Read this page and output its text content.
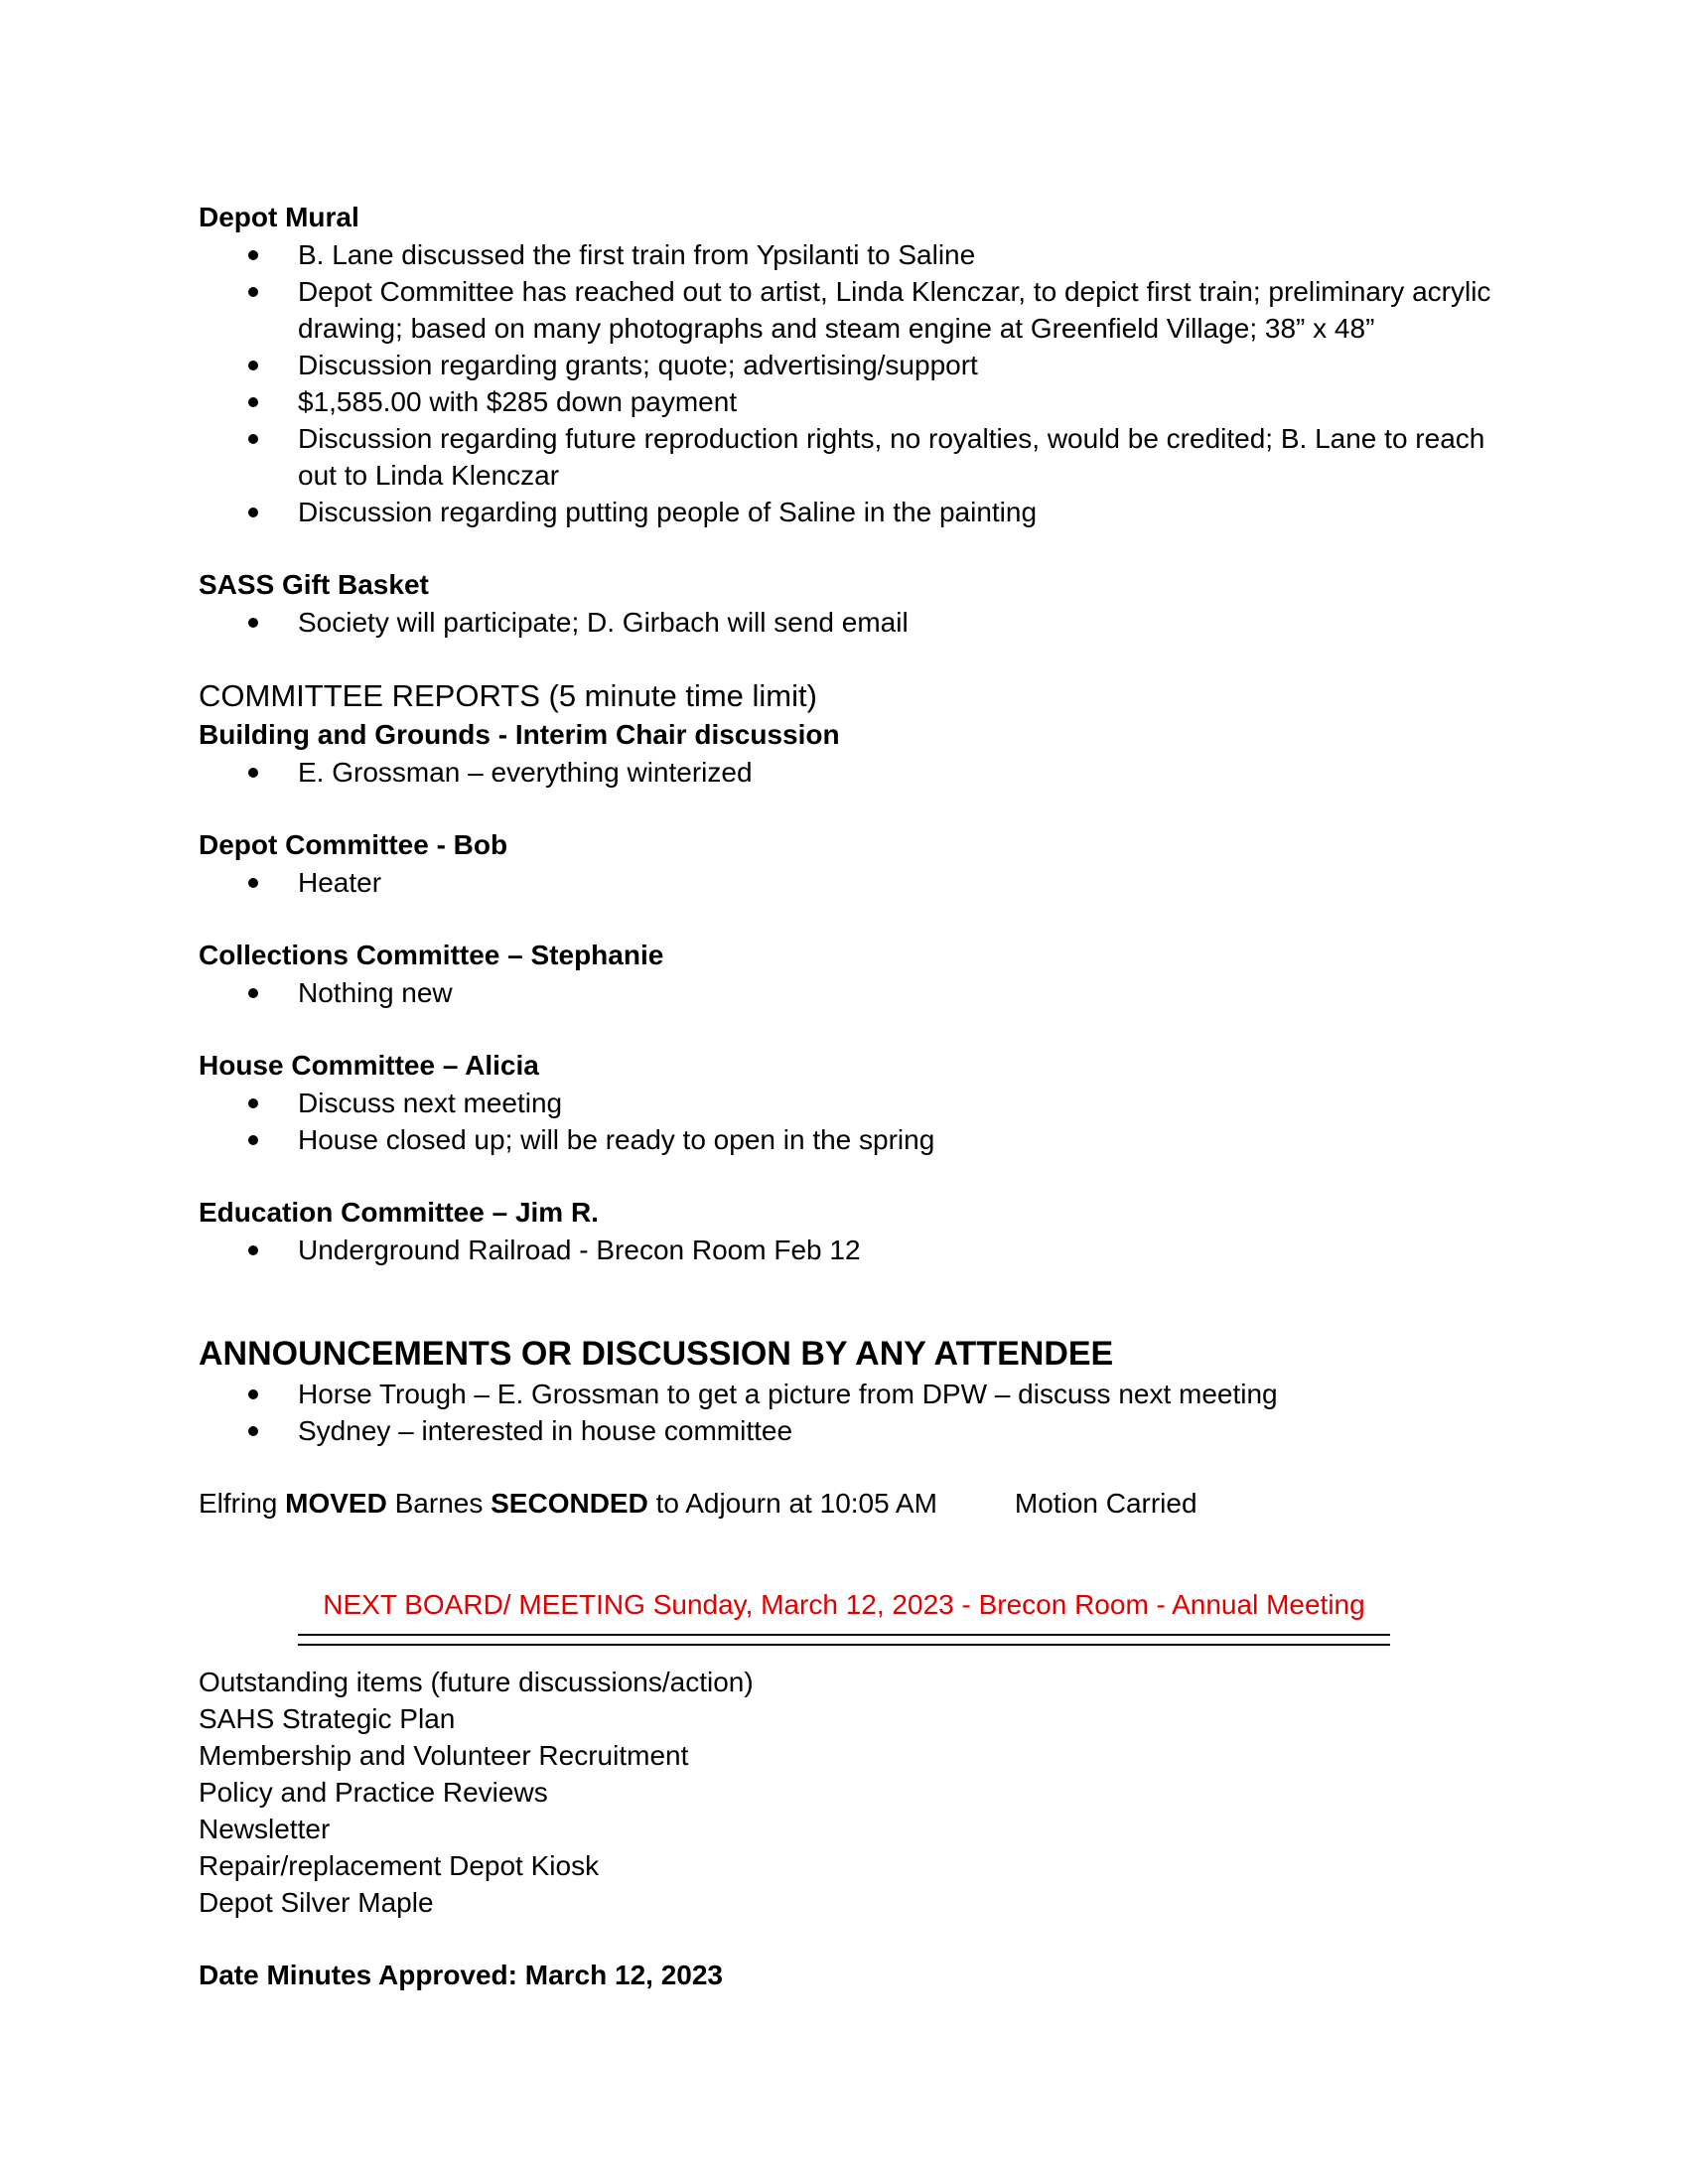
Depot Mural
B. Lane discussed the first train from Ypsilanti to Saline
Depot Committee has reached out to artist, Linda Klenczar, to depict first train; preliminary acrylic drawing; based on many photographs and steam engine at Greenfield Village; 38” x 48”
Discussion regarding grants; quote; advertising/support
$1,585.00 with $285 down payment
Discussion regarding future reproduction rights, no royalties, would be credited; B. Lane to reach out to Linda Klenczar
Discussion regarding putting people of Saline in the painting
SASS Gift Basket
Society will participate; D. Girbach will send email
COMMITTEE REPORTS (5 minute time limit)
Building and Grounds - Interim Chair discussion
E. Grossman – everything winterized
Depot Committee - Bob
Heater
Collections Committee – Stephanie
Nothing new
House Committee – Alicia
Discuss next meeting
House closed up; will be ready to open in the spring
Education Committee – Jim R.
Underground Railroad - Brecon Room Feb 12
ANNOUNCEMENTS OR DISCUSSION BY ANY ATTENDEE
Horse Trough – E. Grossman to get a picture from DPW – discuss next meeting
Sydney – interested in house committee
Elfring MOVED Barnes SECONDED to Adjourn at 10:05 AM	Motion Carried
NEXT BOARD/ MEETING Sunday, March 12, 2023 - Brecon Room - Annual Meeting
Outstanding items (future discussions/action)
SAHS Strategic Plan
Membership and Volunteer Recruitment
Policy and Practice Reviews
Newsletter
Repair/replacement Depot Kiosk
Depot Silver Maple
Date Minutes Approved: March 12, 2023
